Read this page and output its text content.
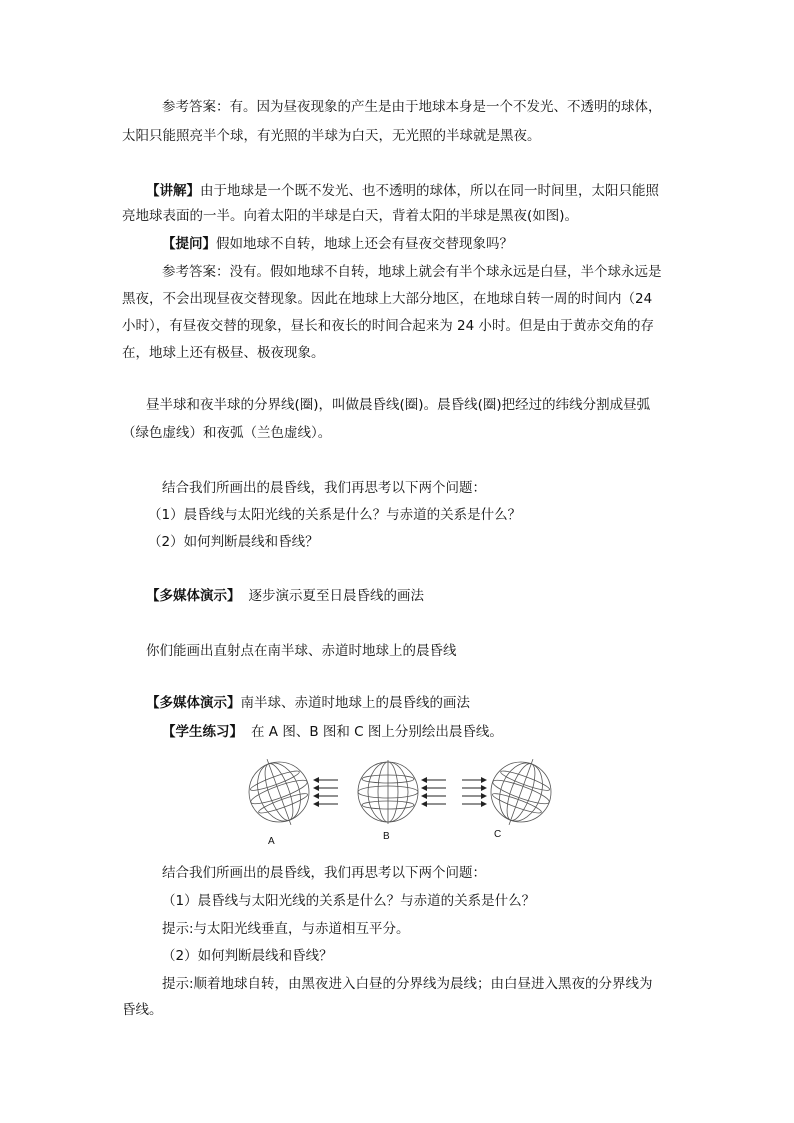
参考答案：有。因为昼夜现象的产生是由于地球本身是一个不发光、不透明的球体，
太阳只能照亮半个球，有光照的半球为白天，无光照的半球就是黑夜。
【讲解】由于地球是一个既不发光、也不透明的球体，所以在同一时间里，太阳只能照
亮地球表面的一半。向着太阳的半球是白天，背着太阳的半球是黑夜(如图)。
【提问】假如地球不自转，地球上还会有昼夜交替现象吗？
参考答案：没有。假如地球不自转，地球上就会有半个球永远是白昼，半个球永远是
黑夜，不会出现昼夜交替现象。因此在地球上大部分地区，在地球自转一周的时间内（24
小时），有昼夜交替的现象，昼长和夜长的时间合起来为 24 小时。但是由于黄赤交角的存
在，地球上还有极昼、极夜现象。
昼半球和夜半球的分界线(圈)，叫做晨昏线(圈)。晨昏线(圈)把经过的纬线分割成昼弧
（绿色虚线）和夜弧（兰色虚线）。
结合我们所画出的晨昏线，我们再思考以下两个问题：
（1）晨昏线与太阳光线的关系是什么？与赤道的关系是什么？
（2）如何判断晨线和昏线？
【多媒体演示】 逐步演示夏至日晨昏线的画法
你们能画出直射点在南半球、赤道时地球上的晨昏线
【多媒体演示】南半球、赤道时地球上的晨昏线的画法
【学生练习】 在 A 图、B 图和 C 图上分别绘出晨昏线。
A	B	C
结合我们所画出的晨昏线，我们再思考以下两个问题：
（1）晨昏线与太阳光线的关系是什么？与赤道的关系是什么？
提示:与太阳光线垂直，与赤道相互平分。
（2）如何判断晨线和昏线？
提示:顺着地球自转，由黑夜进入白昼的分界线为晨线；由白昼进入黑夜的分界线为
昏线。
